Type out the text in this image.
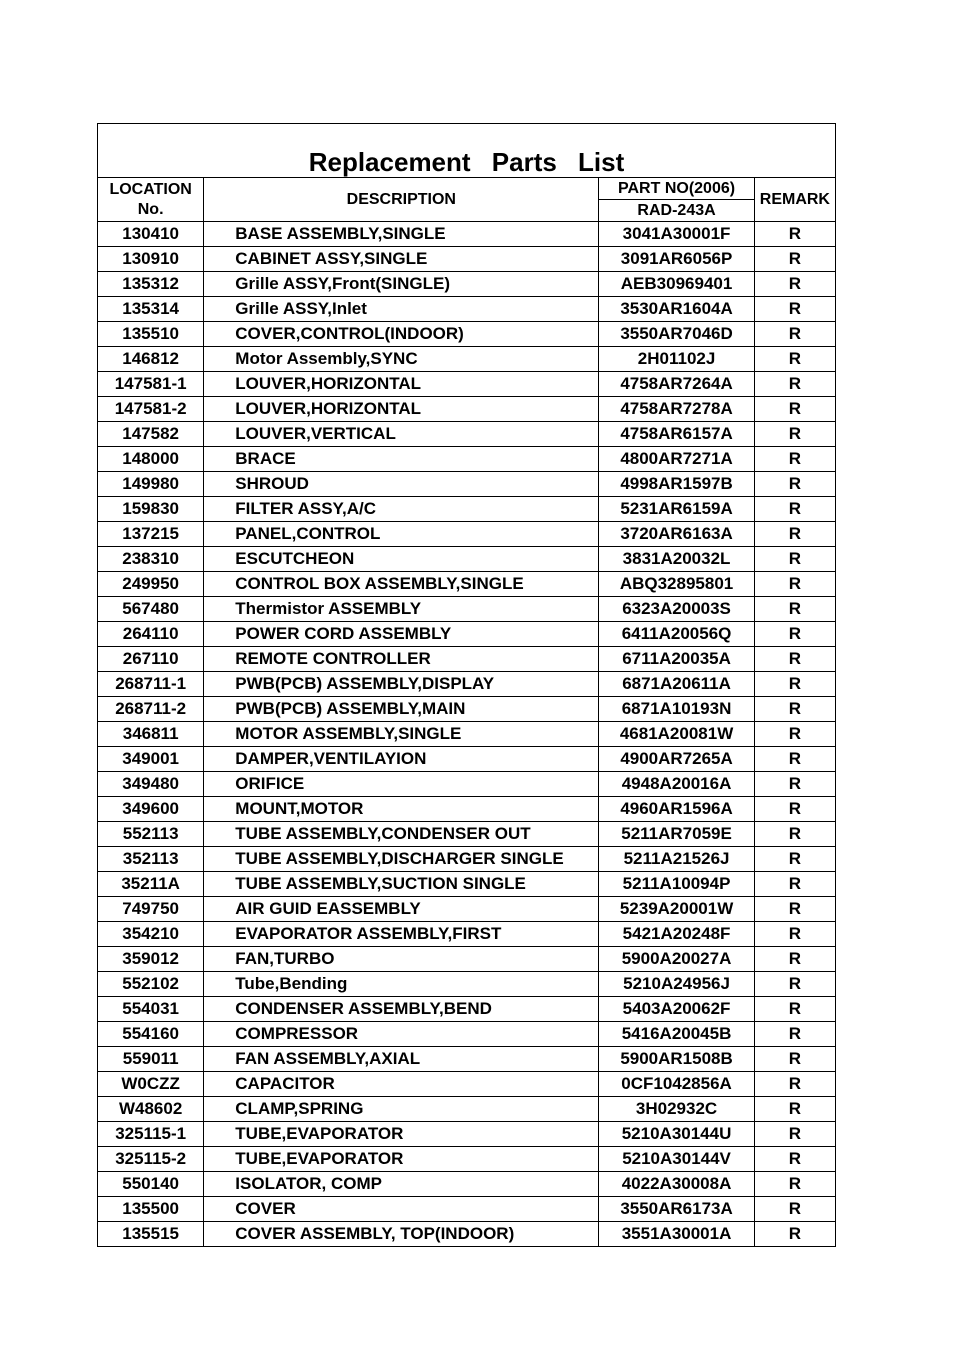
Replacement Parts List			

LOCATION
No.	DESCRIPTION	PART NO(2006)	REMARK
		RAD-243A	
130410	BASE ASSEMBLY,SINGLE	3041A30001F	R
130910	CABINET ASSY,SINGLE	3091AR6056P	R
135312	Grille ASSY,Front(SINGLE)	AEB30969401	R
135314	Grille ASSY,Inlet	3530AR1604A	R
135510	COVER,CONTROL(INDOOR)	3550AR7046D	R
146812	Motor Assembly,SYNC	2H01102J	R
147581-1	LOUVER,HORIZONTAL	4758AR7264A	R
147581-2	LOUVER,HORIZONTAL	4758AR7278A	R
147582	LOUVER,VERTICAL	4758AR6157A	R
148000	BRACE	4800AR7271A	R
149980	SHROUD	4998AR1597B	R
159830	FILTER ASSY,A/C	5231AR6159A	R
137215	PANEL,CONTROL	3720AR6163A	R
238310	ESCUTCHEON	3831A20032L	R
249950	CONTROL BOX ASSEMBLY,SINGLE	ABQ32895801	R
567480	Thermistor ASSEMBLY	6323A20003S	R
264110	POWER CORD ASSEMBLY	6411A20056Q	R
267110	REMOTE CONTROLLER	6711A20035A	R
268711-1	PWB(PCB) ASSEMBLY,DISPLAY	6871A20611A	R
268711-2	PWB(PCB) ASSEMBLY,MAIN	6871A10193N	R
346811	MOTOR ASSEMBLY,SINGLE	4681A20081W	R
349001	DAMPER,VENTILAYION	4900AR7265A	R
349480	ORIFICE	4948A20016A	R
349600	MOUNT,MOTOR	4960AR1596A	R
552113	TUBE ASSEMBLY,CONDENSER OUT	5211AR7059E	R
352113	TUBE ASSEMBLY,DISCHARGER SINGLE	5211A21526J	R
35211A	TUBE ASSEMBLY,SUCTION SINGLE	5211A10094P	R
749750	AIR GUID EASSEMBLY	5239A20001W	R
354210	EVAPORATOR ASSEMBLY,FIRST	5421A20248F	R
359012	FAN,TURBO	5900A20027A	R
552102	Tube,Bending	5210A24956J	R
554031	CONDENSER ASSEMBLY,BEND	5403A20062F	R
554160	COMPRESSOR	5416A20045B	R
559011	FAN ASSEMBLY,AXIAL	5900AR1508B	R
W0CZZ	CAPACITOR	0CF1042856A	R
W48602	CLAMP,SPRING	3H02932C	R
325115-1	TUBE,EVAPORATOR	5210A30144U	R
325115-2	TUBE,EVAPORATOR	5210A30144V	R
550140	ISOLATOR, COMP	4022A30008A	R
135500	COVER	3550AR6173A	R
135515	COVER ASSEMBLY, TOP(INDOOR)	3551A30001A	R
